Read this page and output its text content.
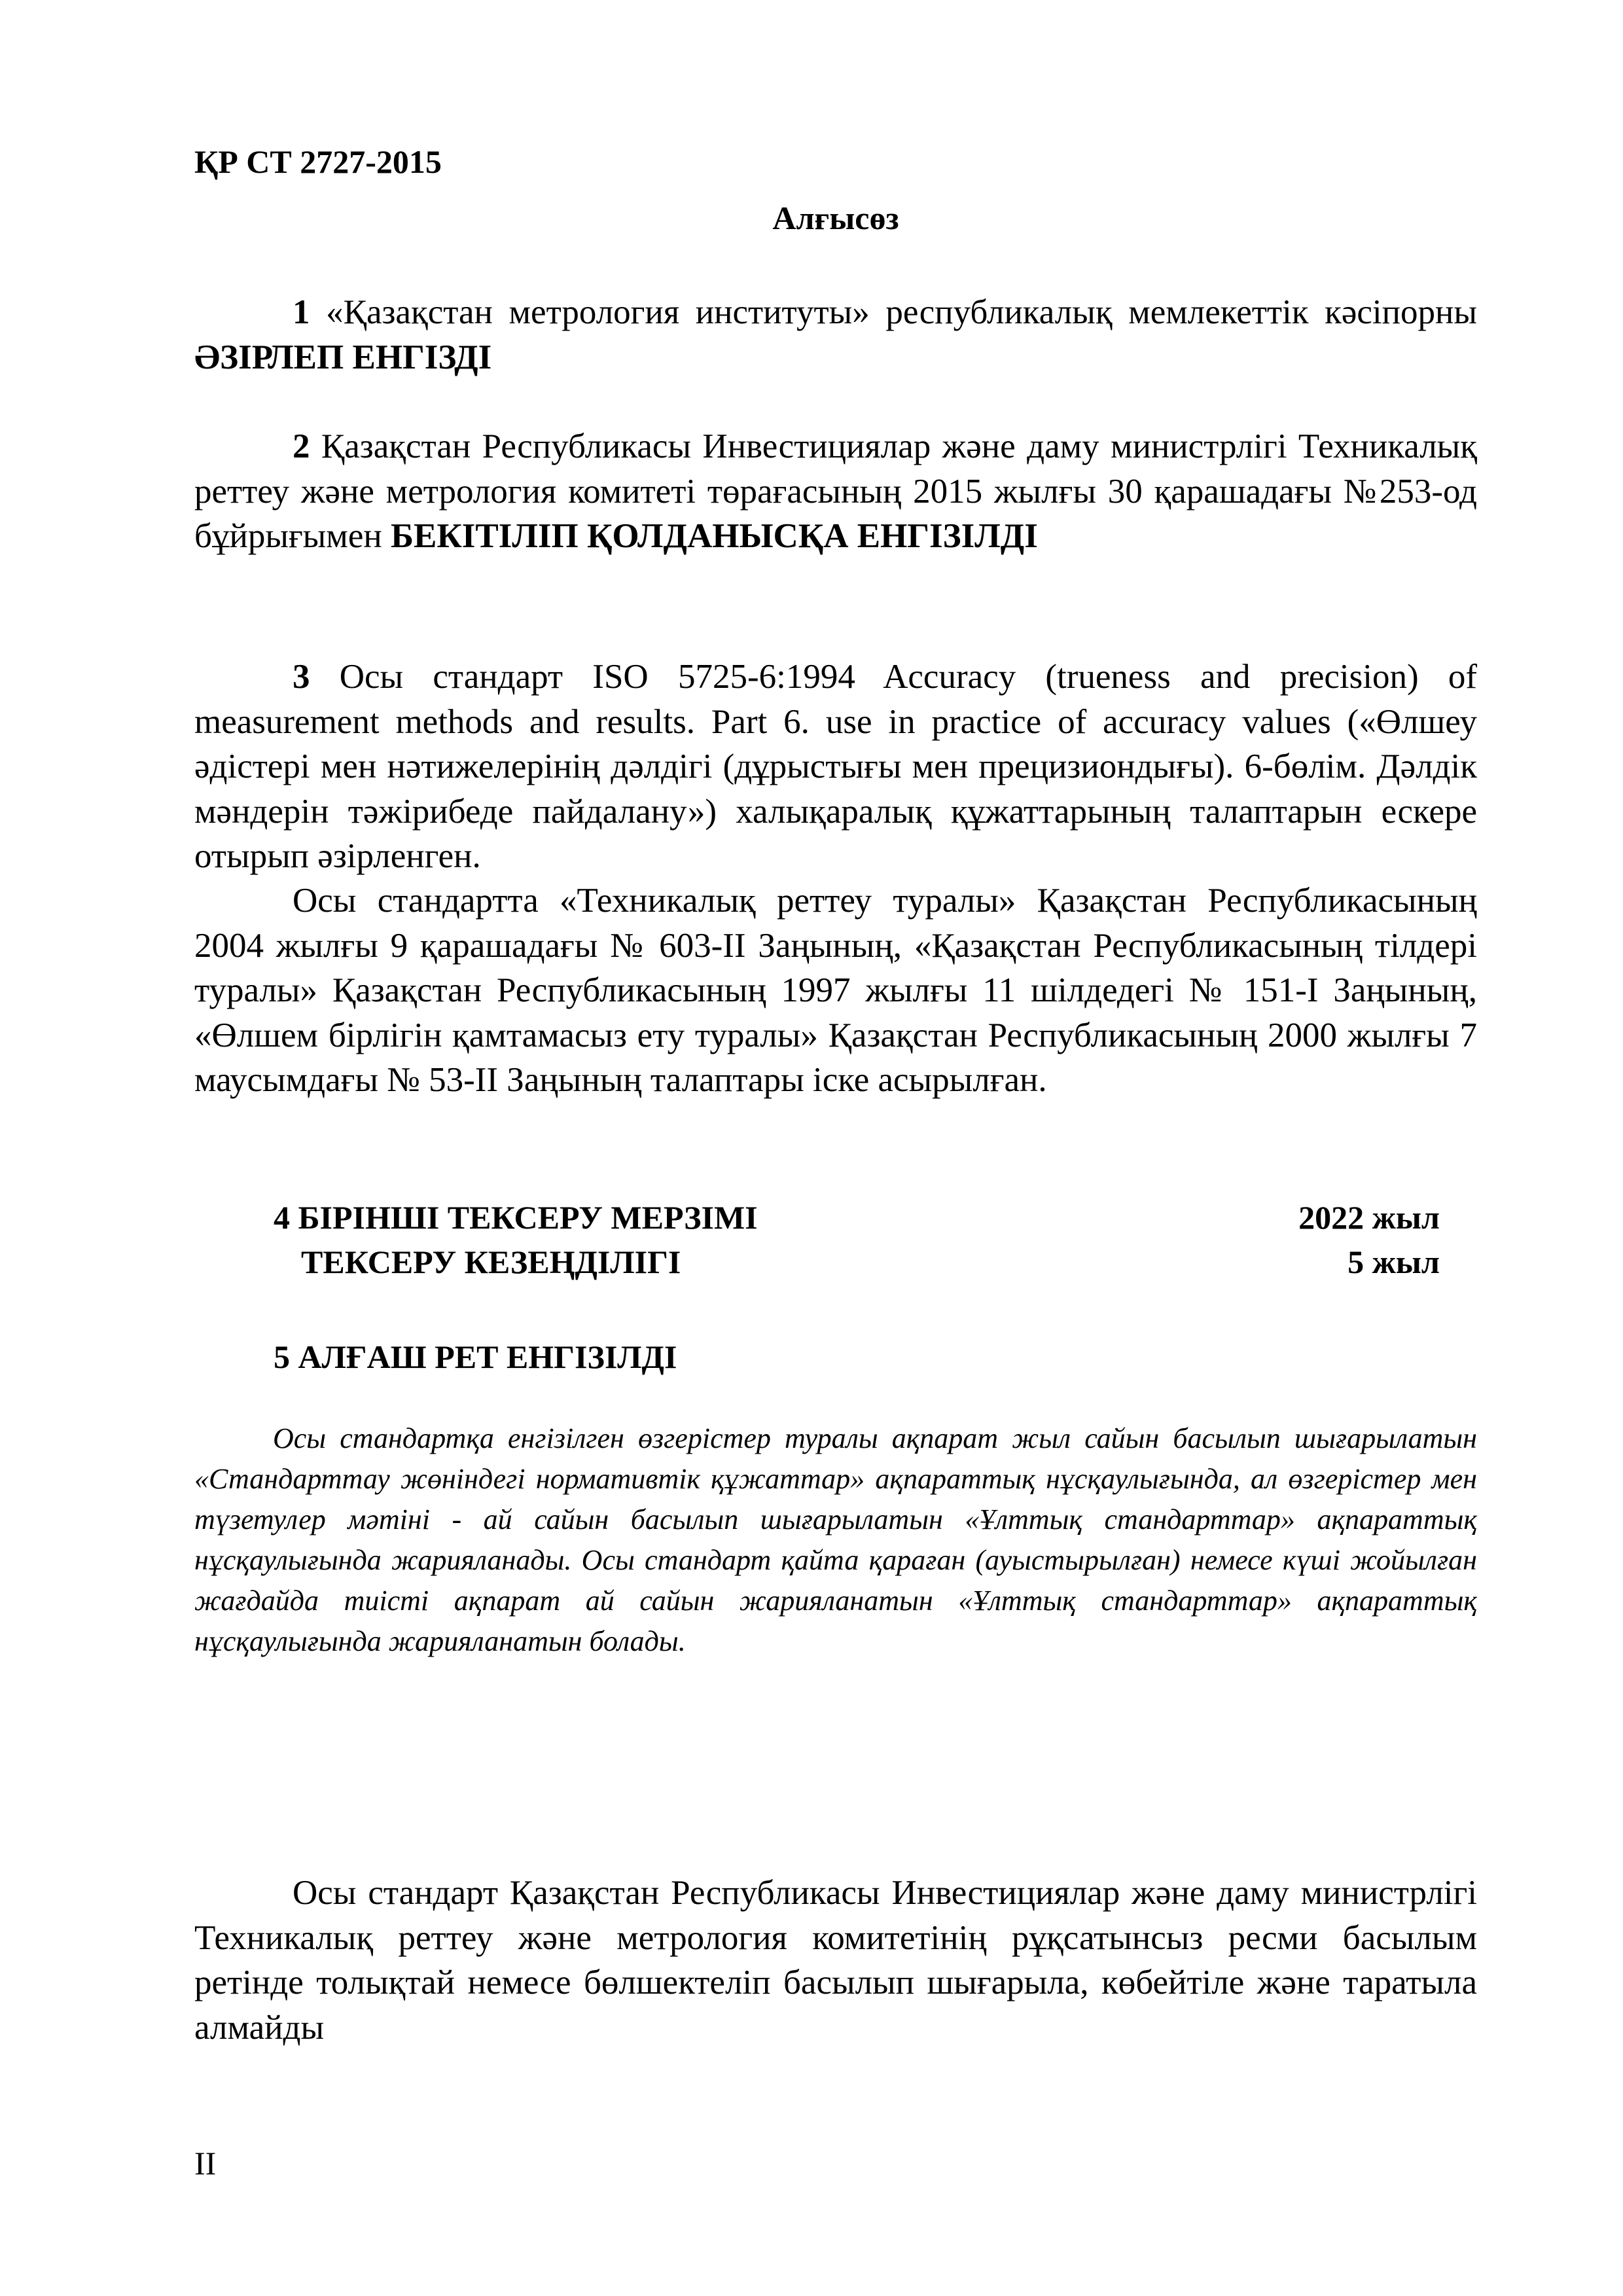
ҚР СТ 2727-2015
Алғысөз
1 «Қазақстан метрология институты» республикалық мемлекеттік кәсіпорны ӘЗІРЛЕП ЕНГІЗДІ
2 Қазақстан Республикасы Инвестициялар және даму министрлігі Техникалық реттеу және метрология комитеті төрағасының 2015 жылғы 30 қарашадағы №253-од бұйрығымен БЕКІТІЛІП ҚОЛДАНЫСҚА ЕНГІЗІЛДІ
3 Осы стандарт ISO 5725-6:1994 Accuracy (trueness and precision) of measurement methods and results. Part 6. use in practice of accuracy values («Өлшеу әдістері мен нәтижелерінің дәлдігі (дұрыстығы мен прецизиондығы). 6-бөлім. Дәлдік мәндерін тәжірибеде пайдалану») халықаралық құжаттарының талаптарын ескере отырып әзірленген.
Осы стандартта «Техникалық реттеу туралы» Қазақстан Республикасының 2004 жылғы 9 қарашадағы № 603-II Заңының, «Қазақстан Республикасының тілдері туралы» Қазақстан Республикасының 1997 жылғы 11 шілдедегі № 151-I Заңының, «Өлшем бірлігін қамтамасыз ету туралы» Қазақстан Республикасының 2000 жылғы 7 маусымдағы № 53-II Заңының талаптары іске асырылған.
4 БІРІНШІ ТЕКСЕРУ МЕРЗІМІ	2022 жыл
ТЕКСЕРУ КЕЗЕҢДІЛІГІ	5 жыл
5 АЛҒАШ РЕТ ЕНГІЗІЛДІ
Осы стандартқа енгізілген өзгерістер туралы ақпарат жыл сайын басылып шығарылатын «Стандарттау жөніндегі нормативтік құжаттар» ақпараттық нұсқаулығында, ал өзгерістер мен түзетулер мәтіні - ай сайын басылып шығарылатын «Ұлттық стандарттар» ақпараттық нұсқаулығында жарияланады. Осы стандарт қайта қараған (ауыстырылған) немесе күші жойылған жағдайда тиісті ақпарат ай сайын жарияланатын «Ұлттық стандарттар» ақпараттық нұсқаулығында жарияланатын болады.
Осы стандарт Қазақстан Республикасы Инвестициялар және даму министрлігі Техникалық реттеу және метрология комитетінің рұқсатынсыз ресми басылым ретінде толықтай немесе бөлшектеліп басылып шығарыла, көбейтіле және таратыла алмайды
II
